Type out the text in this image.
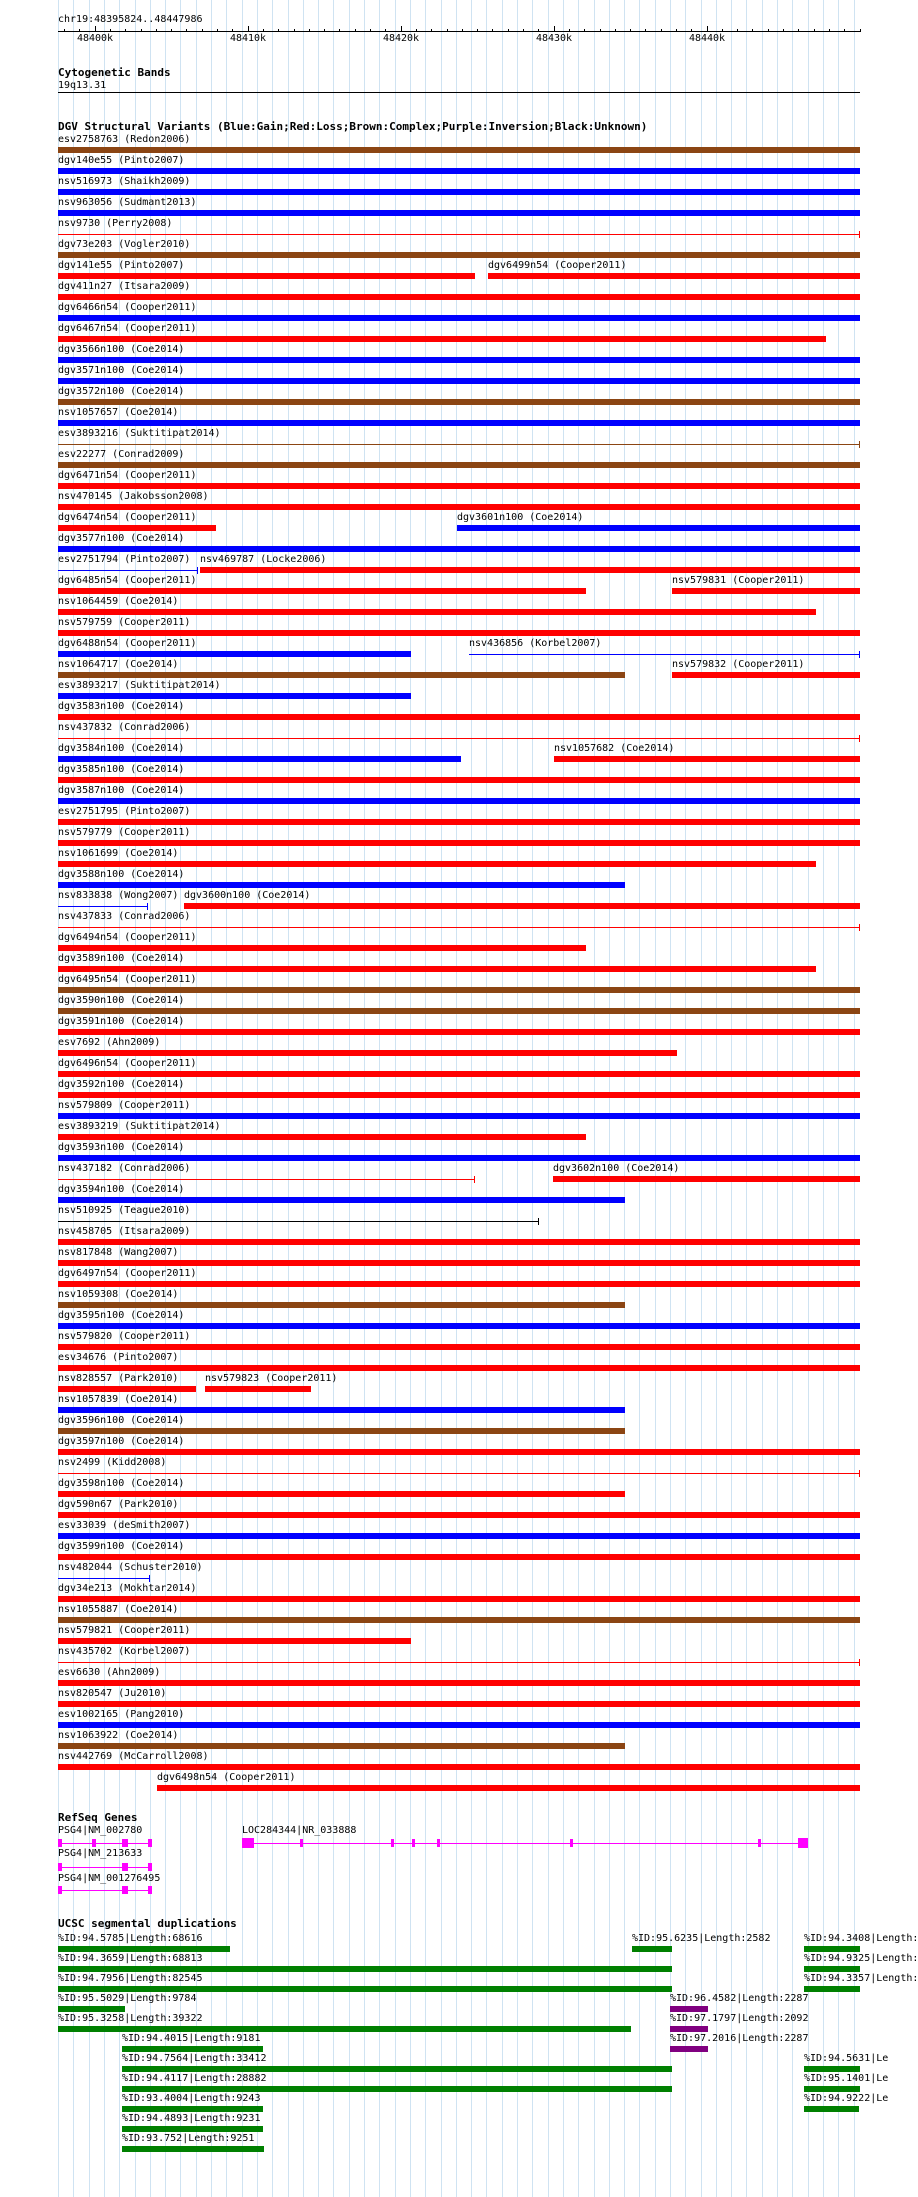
chr19:48395824..48447986
48400k	48410k	48420k	48430k	48440k
Cytogenetic Bands
19q13.31
DGV Structural Variants (Blue:Gain;Red:Loss;Brown:Complex;Purple:Inversion;Black:Unknown)
esv2758763 (Redon2006)
dgv140e55 (Pinto2007)
nsv516973 (Shaikh2009)
nsv963056 (Sudmant2013)
nsv9730 (Perry2008)
dgv73e203 (Vogler2010)
dgv141e55 (Pinto2007)	dgv6499n54 (Cooper2011)
dgv411n27 (Itsara2009)
dgv6466n54 (Cooper2011)
dgv6467n54 (Cooper2011)
dgv3566n100 (Coe2014)
dgv3571n100 (Coe2014)
dgv3572n100 (Coe2014)
nsv1057657 (Coe2014)
esv3893216 (Suktitipat2014)
esv22277 (Conrad2009)
dgv6471n54 (Cooper2011)
nsv470145 (Jakobsson2008)
dgv6474n54 (Cooper2011)	dgv3601n100 (Coe2014)
dgv3577n100 (Coe2014)
esv2751794 (Pinto2007) nsv469787 (Locke2006)
dgv6485n54 (Cooper2011)	nsv579831 (Cooper2011)
nsv1064459 (Coe2014)
nsv579759 (Cooper2011)
dgv6488n54 (Cooper2011)	nsv436856 (Korbel2007)
nsv1064717 (Coe2014)	nsv579832 (Cooper2011)
esv3893217 (Suktitipat2014)
dgv3583n100 (Coe2014)
nsv437832 (Conrad2006)
dgv3584n100 (Coe2014)	nsv1057682 (Coe2014)
dgv3585n100 (Coe2014)
dgv3587n100 (Coe2014)
esv2751795 (Pinto2007)
nsv579779 (Cooper2011)
nsv1061699 (Coe2014)
dgv3588n100 (Coe2014)
nsv833838 (Wong2007) dgv3600n100 (Coe2014)
nsv437833 (Conrad2006)
dgv6494n54 (Cooper2011)
dgv3589n100 (Coe2014)
dgv6495n54 (Cooper2011)
dgv3590n100 (Coe2014)
dgv3591n100 (Coe2014)
esv7692 (Ahn2009)
dgv6496n54 (Cooper2011)
dgv3592n100 (Coe2014)
nsv579809 (Cooper2011)
esv3893219 (Suktitipat2014)
dgv3593n100 (Coe2014)
nsv437182 (Conrad2006)	dgv3602n100 (Coe2014)
dgv3594n100 (Coe2014)
nsv510925 (Teague2010)
nsv458705 (Itsara2009)
nsv817848 (Wang2007)
dgv6497n54 (Cooper2011)
nsv1059308 (Coe2014)
dgv3595n100 (Coe2014)
nsv579820 (Cooper2011)
esv34676 (Pinto2007)
nsv828557 (Park2010)	nsv579823 (Cooper2011)
nsv1057839 (Coe2014)
dgv3596n100 (Coe2014)
dgv3597n100 (Coe2014)
nsv2499 (Kidd2008)
dgv3598n100 (Coe2014)
dgv590n67 (Park2010)
esv33039 (deSmith2007)
dgv3599n100 (Coe2014)
nsv482044 (Schuster2010)
dgv34e213 (Mokhtar2014)
nsv1055887 (Coe2014)
nsv579821 (Cooper2011)
nsv435702 (Korbel2007)
esv6630 (Ahn2009)
nsv820547 (Ju2010)
esv1002165 (Pang2010)
nsv1063922 (Coe2014)
nsv442769 (McCarroll2008)
dgv6498n54 (Cooper2011)
RefSeq Genes
PSG4|NM_002780	LOC284344|NR_033888
PSG4|NM_213633
PSG4|NM_001276495
UCSC segmental duplications
%ID:94.5785|Length:68616	%ID:95.6235|Length:2582	%ID:94.3408|Length:
%ID:94.3659|Length:68813	%ID:94.9325|Length:
%ID:94.7956|Length:82545	%ID:94.3357|Length:
%ID:95.5029|Length:9784	%ID:96.4582|Length:2287
%ID:95.3258|Length:39322	%ID:97.1797|Length:2092
%ID:94.4015|Length:9181	%ID:97.2016|Length:2287
%ID:94.7564|Length:33412	%ID:94.5631|Le
%ID:94.4117|Length:28882	%ID:95.1401|Le
%ID:93.4004|Length:9243	%ID:94.9222|Le
%ID:94.4893|Length:9231
%ID:93.752|Length:9251
